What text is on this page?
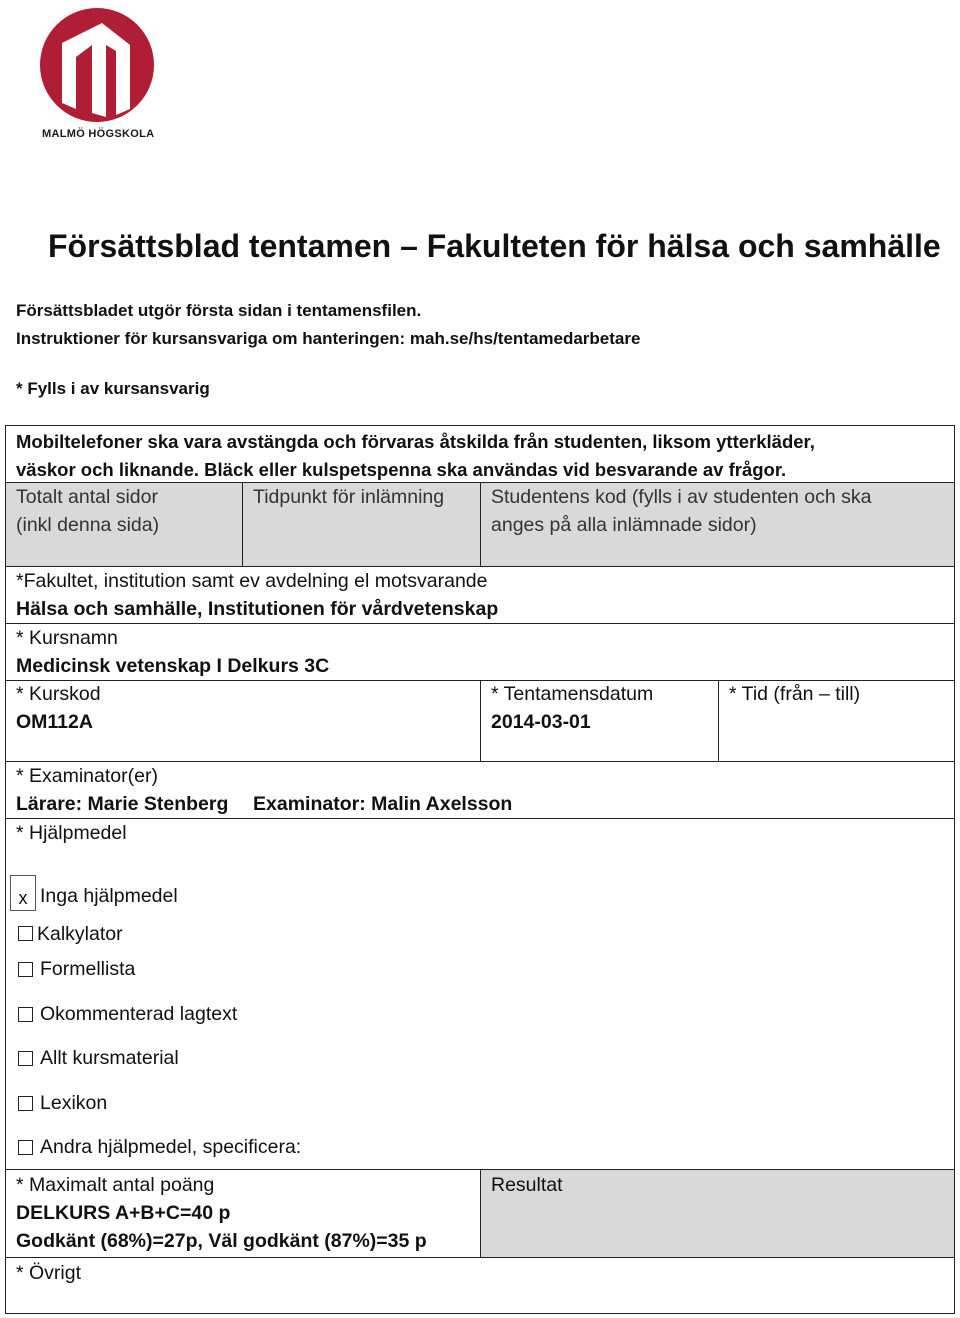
MALMÖ HÖGSKOLA
Försättsblad tentamen – Fakulteten för hälsa och samhälle
Försättsbladet utgör första sidan i tentamensfilen.
Instruktioner för kursansvariga om hanteringen: mah.se/hs/tentamedarbetare
* Fylls i av kursansvarig
Mobiltelefoner ska vara avstängda och förvaras åtskilda från studenten, liksom ytterkläder,
väskor och liknande. Bläck eller kulspetspenna ska användas vid besvarande av frågor.
Totalt antal sidor
(inkl denna sida)
Tidpunkt för inlämning Studentens kod (fylls i av studenten och ska
anges på alla inlämnade sidor)
*Fakultet, institution samt ev avdelning el motsvarande
Hälsa och samhälle, Institutionen för vårdvetenskap
* Kursnamn
Medicinsk vetenskap I Delkurs 3C
* Kurskod
OM112A
* Tentamensdatum
2014-03-01
* Tid (från – till)
* Examinator(er)
Lärare: Marie Stenberg Examinator: Malin Axelsson
* Hjälpmedel
x Inga hjälpmedel
Kalkylator
Formellista
Okommenterad lagtext
Allt kursmaterial
Lexikon
Andra hjälpmedel, specificera:
* Maximalt antal poäng
DELKURS A+B+C=40 p
Godkänt (68%)=27p, Väl godkänt (87%)=35 p
Resultat
* Övrigt
